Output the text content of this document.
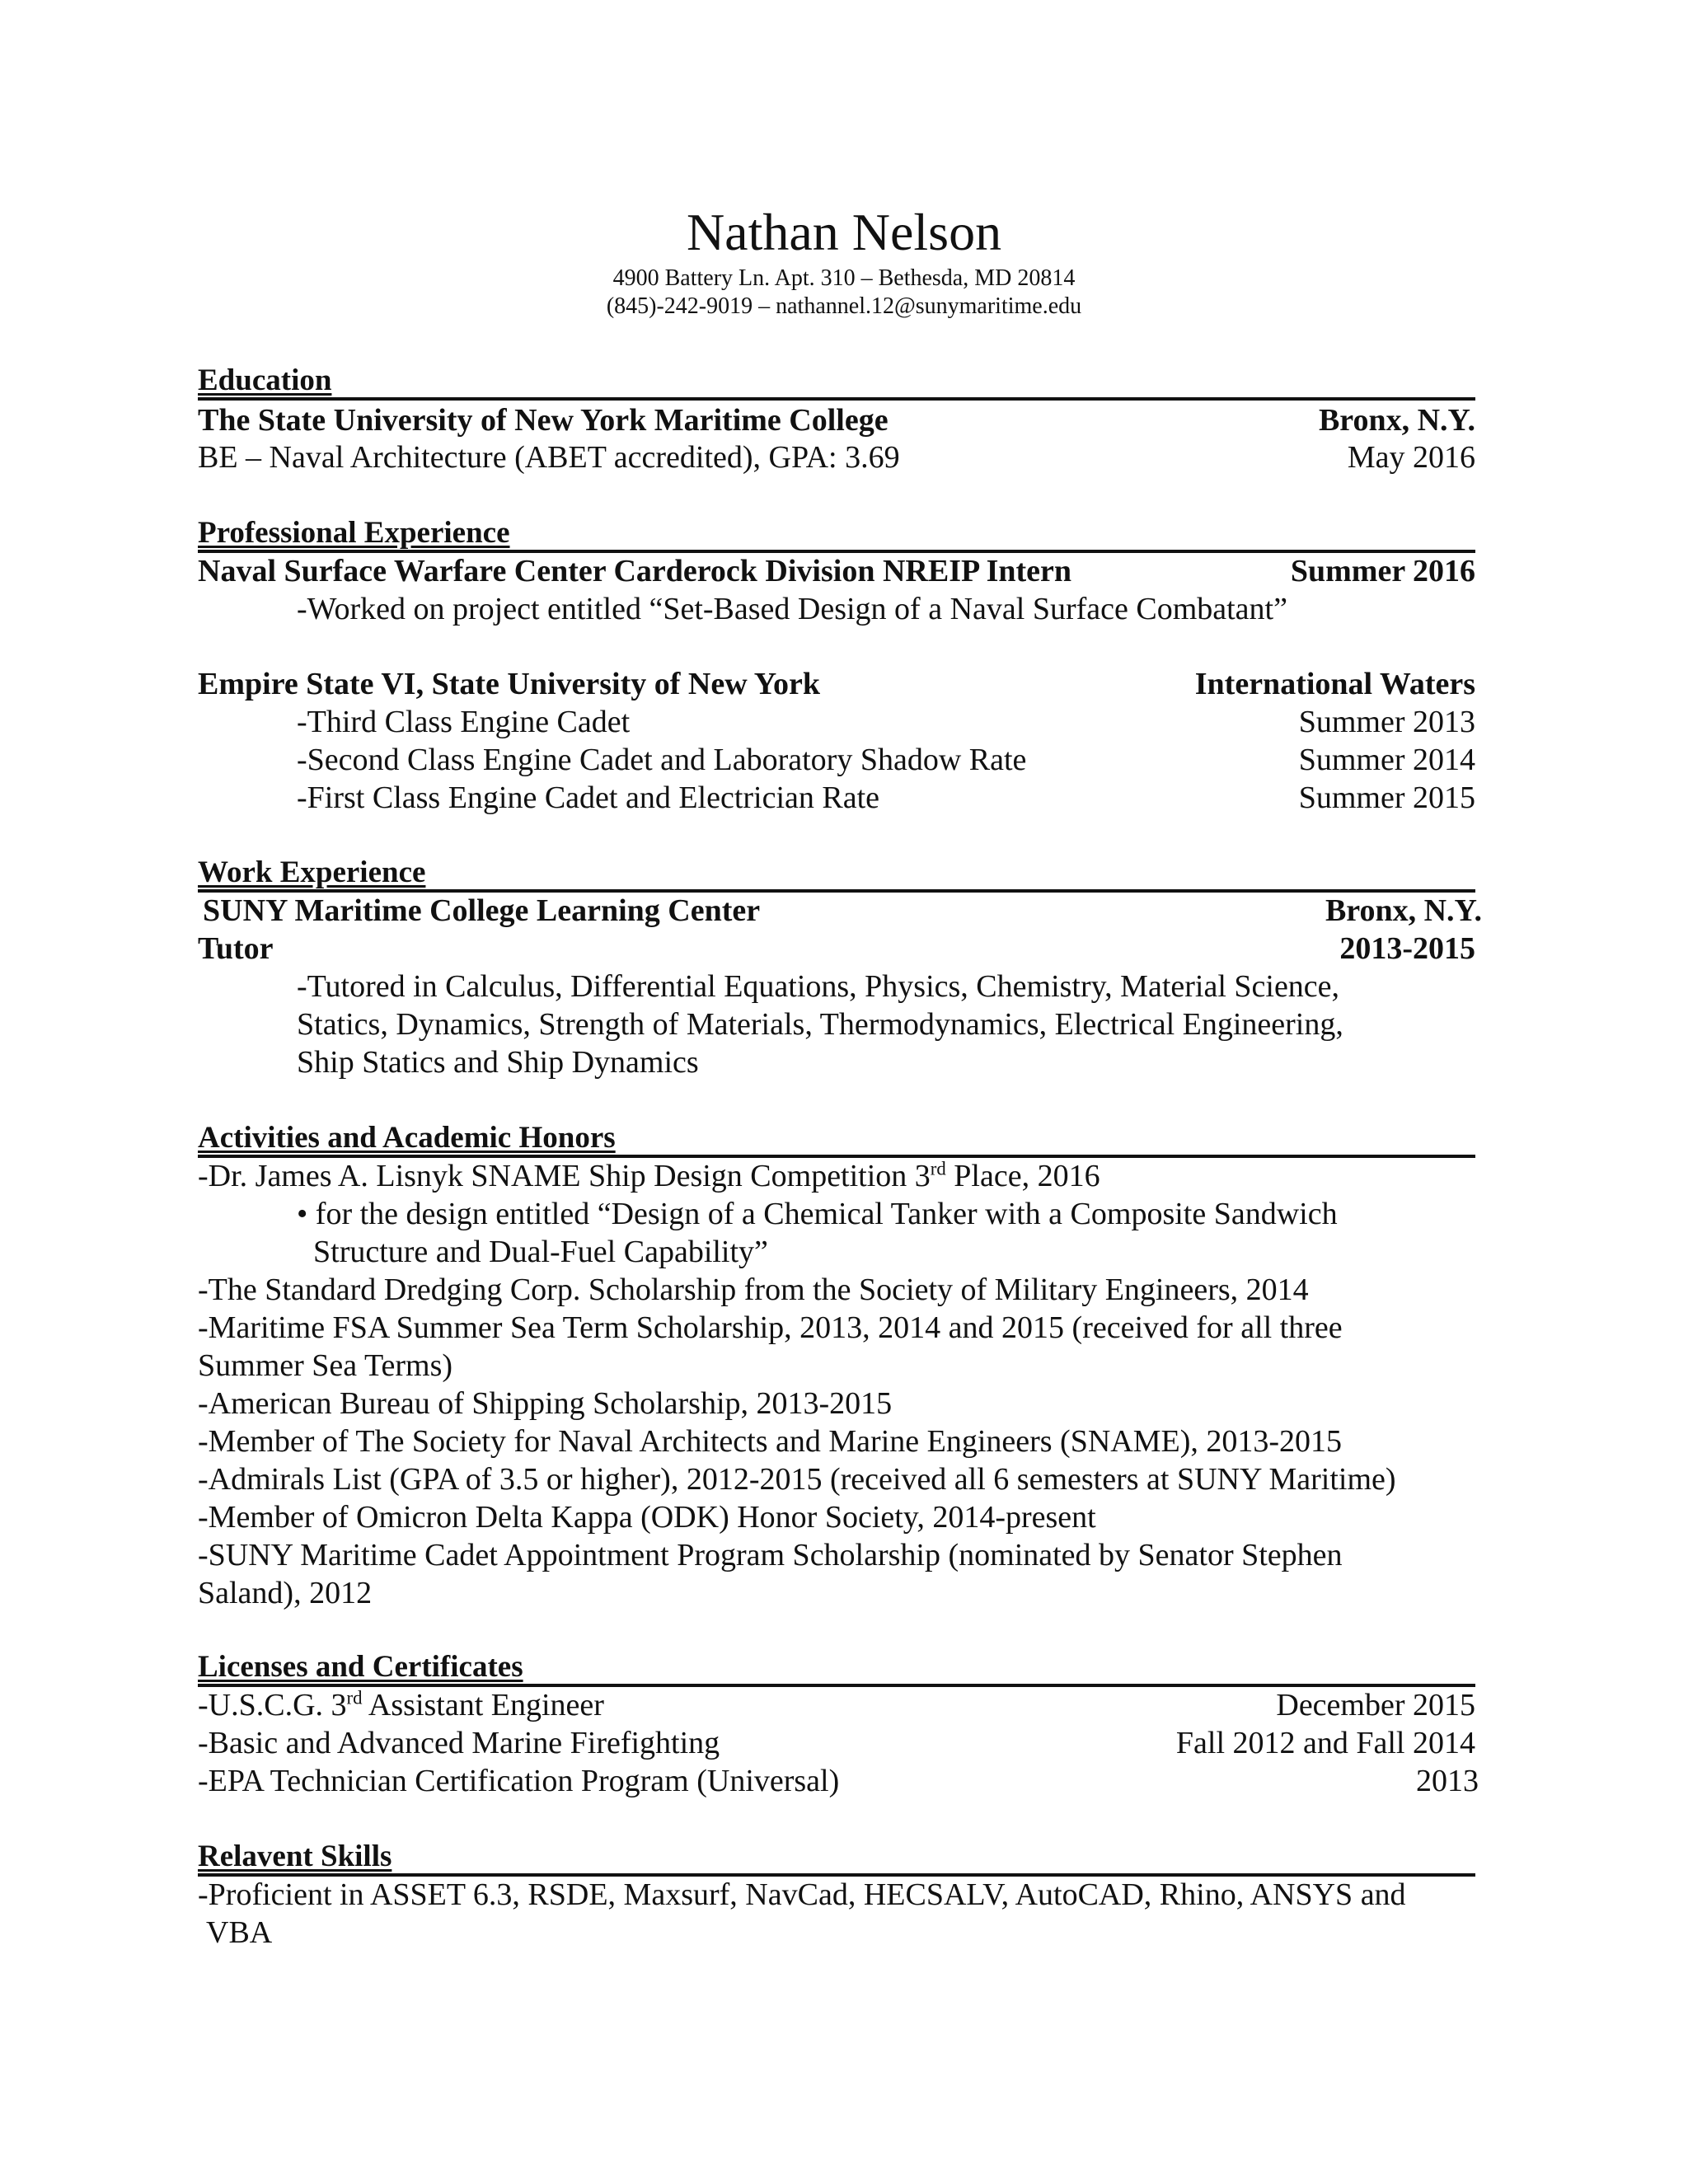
Nathan Nelson
4900 Battery Ln. Apt. 310 – Bethesda, MD 20814
(845)-242-9019 – nathannel.12@sunymaritime.edu
Education
The State University of New York Maritime College	Bronx, N.Y.
BE – Naval Architecture (ABET accredited), GPA: 3.69	May 2016
Professional Experience
Naval Surface Warfare Center Carderock Division NREIP Intern	Summer 2016
-Worked on project entitled “Set-Based Design of a Naval Surface Combatant”
Empire State VI, State University of New York	International Waters
-Third Class Engine Cadet	Summer 2013
-Second Class Engine Cadet and Laboratory Shadow Rate	Summer 2014
-First Class Engine Cadet and Electrician Rate	Summer 2015
Work Experience
SUNY Maritime College Learning Center	Bronx, N.Y.
Tutor	2013-2015
-Tutored in Calculus, Differential Equations, Physics, Chemistry, Material Science,
Statics, Dynamics, Strength of Materials, Thermodynamics, Electrical Engineering,
Ship Statics and Ship Dynamics
Activities and Academic Honors
-Dr. James A. Lisnyk SNAME Ship Design Competition 3rd Place, 2016
• for the design entitled “Design of a Chemical Tanker with a Composite Sandwich
Structure and Dual-Fuel Capability”
-The Standard Dredging Corp. Scholarship from the Society of Military Engineers, 2014
-Maritime FSA Summer Sea Term Scholarship, 2013, 2014 and 2015 (received for all three
Summer Sea Terms)
-American Bureau of Shipping Scholarship, 2013-2015
-Member of The Society for Naval Architects and Marine Engineers (SNAME), 2013-2015
-Admirals List (GPA of 3.5 or higher), 2012-2015 (received all 6 semesters at SUNY Maritime)
-Member of Omicron Delta Kappa (ODK) Honor Society, 2014-present
-SUNY Maritime Cadet Appointment Program Scholarship (nominated by Senator Stephen
Saland), 2012
Licenses and Certificates
-U.S.C.G. 3rd Assistant Engineer	December 2015
-Basic and Advanced Marine Firefighting	Fall 2012 and Fall 2014
-EPA Technician Certification Program (Universal)	2013
Relavent Skills
-Proficient in ASSET 6.3, RSDE, Maxsurf, NavCad, HECSALV, AutoCAD, Rhino, ANSYS and
VBA
